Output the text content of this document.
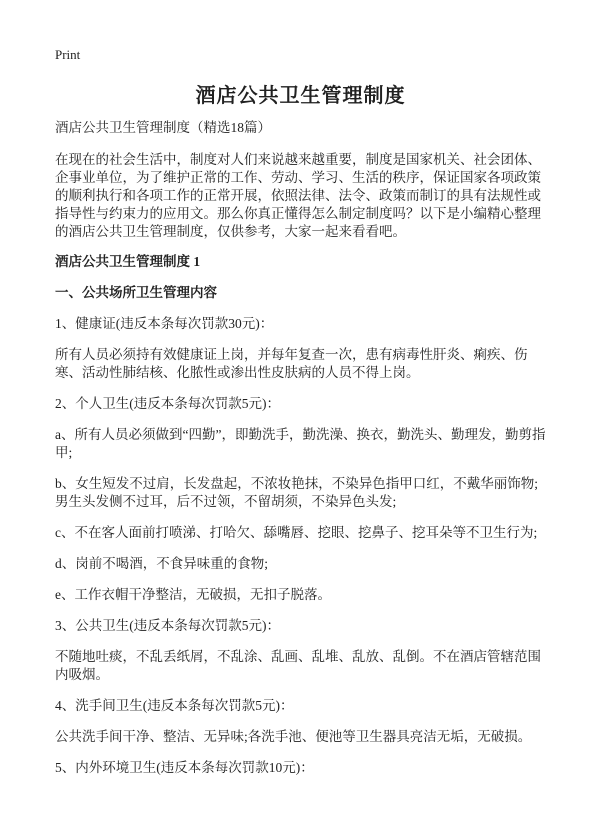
Print
酒店公共卫生管理制度

酒店公共卫生管理制度（精选18篇）

在现在的社会生活中，制度对人们来说越来越重要，制度是国家机关、社会团体、企事业单位，为了维护正常的工作、劳动、学习、生活的秩序，保证国家各项政策的顺利执行和各项工作的正常开展，依照法律、法令、政策而制订的具有法规性或指导性与约束力的应用文。那么你真正懂得怎么制定制度吗？以下是小编精心整理的酒店公共卫生管理制度，仅供参考，大家一起来看看吧。

酒店公共卫生管理制度 1
一、公共场所卫生管理内容

1、健康证(违反本条每次罚款30元)：

所有人员必须持有效健康证上岗，并每年复查一次，患有病毒性肝炎、痢疾、伤寒、活动性肺结核、化脓性或渗出性皮肤病的人员不得上岗。

2、个人卫生(违反本条每次罚款5元)：

a、所有人员必须做到“四勤”，即勤洗手，勤洗澡、换衣，勤洗头、勤理发，勤剪指甲;

b、女生短发不过肩，长发盘起，不浓妆艳抹，不染异色指甲口红，不戴华丽饰物;男生头发侧不过耳，后不过领，不留胡须，不染异色头发;

c、不在客人面前打喷涕、打哈欠、舔嘴唇、挖眼、挖鼻子、挖耳朵等不卫生行为;

d、岗前不喝酒，不食异味重的食物;

e、工作衣帽干净整洁，无破损，无扣子脱落。

3、公共卫生(违反本条每次罚款5元)：

不随地吐痰，不乱丢纸屑，不乱涂、乱画、乱堆、乱放、乱倒。不在酒店管辖范围内吸烟。

4、洗手间卫生(违反本条每次罚款5元)：

公共洗手间干净、整洁、无异味;各洗手池、便池等卫生器具亮洁无垢，无破损。

5、内外环境卫生(违反本条每次罚款10元)：
